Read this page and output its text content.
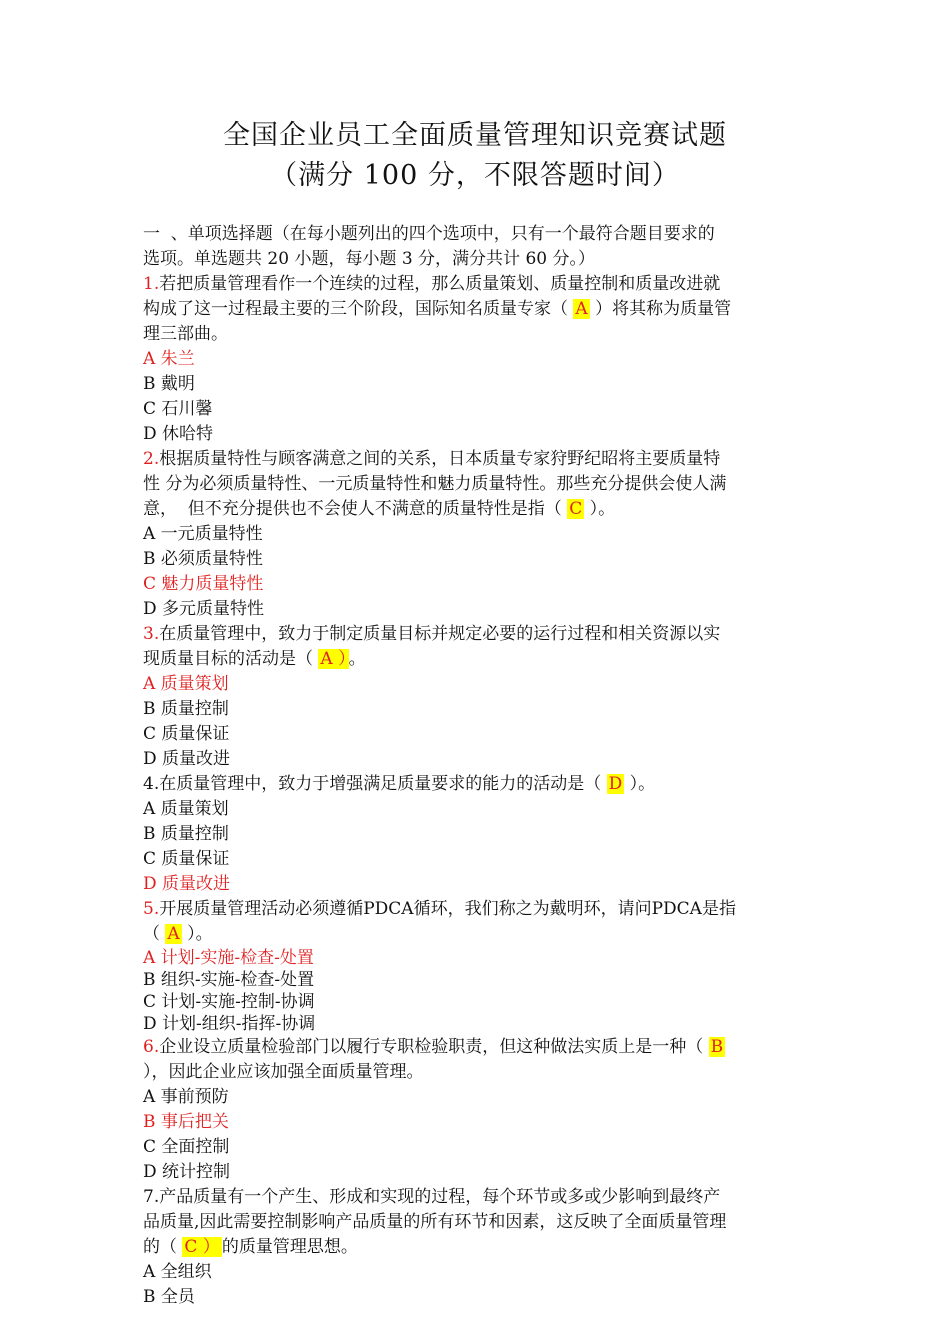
全国企业员工全面质量管理知识竞赛试题
（满分 100 分，不限答题时间）
一  、单项选择题（在每小题列出的四个选项中，只有一个最符合题目要求的
选项。单选题共 20 小题，每小题 3 分，满分共计 60 分。）
1.若把质量管理看作一个连续的过程，那么质量策划、质量控制和质量改进就
构成了这一过程最主要的三个阶段，国际知名质量专家（ A ）将其称为质量管
理三部曲。
A 朱兰
B 戴明
C 石川馨
D 休哈特
2.根据质量特性与顾客满意之间的关系，日本质量专家狩野纪昭将主要质量特
性 分为必须质量特性、一元质量特性和魅力质量特性。那些充分提供会使人满
意，  但不充分提供也不会使人不满意的质量特性是指（ C ）。
A 一元质量特性
B 必须质量特性
C 魅力质量特性
D 多元质量特性
3.在质量管理中，致力于制定质量目标并规定必要的运行过程和相关资源以实
现质量目标的活动是（ A ） 。
A 质量策划
B 质量控制
C 质量保证
D 质量改进
4.在质量管理中，致力于增强满足质量要求的能力的活动是（ D ）。
A 质量策划
B 质量控制
C 质量保证
D 质量改进
5.开展质量管理活动必须遵循PDCA循环，我们称之为戴明环，请问PDCA是指
（ A ）。
A 计划-实施-检查-处置
B 组织-实施-检查-处置
C 计划-实施-控制-协调
D 计划-组织-指挥-协调
6.企业设立质量检验部门以履行专职检验职责，但这种做法实质上是一种（ B
），因此企业应该加强全面质量管理。
A 事前预防
B 事后把关
C 全面控制
D 统计控制
7.产品质量有一个产生、形成和实现的过程，每个环节或多或少影响到最终产
品质量,因此需要控制影响产品质量的所有环节和因素，这反映了全面质量管理
的（ C ） 的质量管理思想。
A 全组织
B 全员
